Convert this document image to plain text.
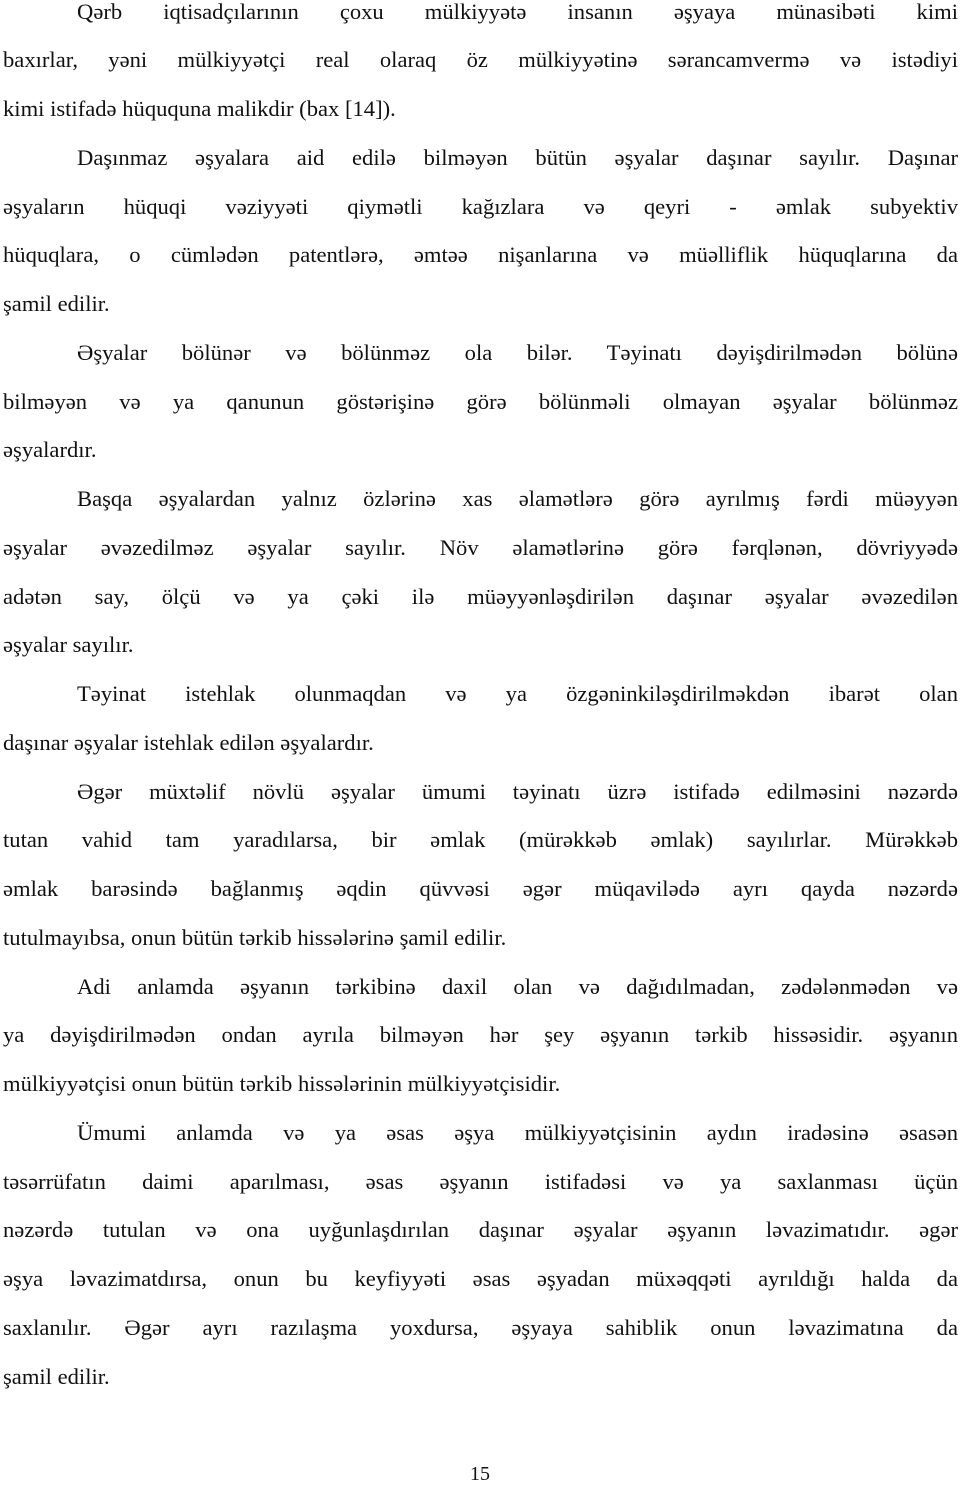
Qərb iqtisadçılarının çoxu mülkiyyətə insanın əşyaya münasibəti kimi
baxırlar, yəni mülkiyyətçi real olaraq öz mülkiyyətinə sərancamvermə və istədiyi
kimi istifadə hüququna malikdir (bax [14]).
Daşınmaz əşyalara aid edilə bilməyən bütün əşyalar daşınar sayılır. Daşınar
əşyaların hüquqi vəziyyəti qiymətli kağızlara və qeyri - əmlak subyektiv
hüquqlara, o cümlədən patentlərə, əmtəə nişanlarına və müəlliflik hüquqlarına da
şamil edilir.
Əşyalar bölünər və bölünməz ola bilər. Təyinatı dəyişdirilmədən bölünə
bilməyən və ya qanunun göstərişinə görə bölünməli olmayan əşyalar bölünməz
əşyalardır.
Başqa əşyalardan yalnız özlərinə xas əlamətlərə görə ayrılmış fərdi müəyyən
əşyalar əvəzedilməz əşyalar sayılır. Növ əlamətlərinə görə fərqlənən, dövriyyədə
adətən say, ölçü və ya çəki ilə müəyyənləşdirilən daşınar əşyalar əvəzedilən
əşyalar sayılır.
Təyinat istehlak olunmaqdan və ya özgəninkiləşdirilməkdən ibarət olan
daşınar əşyalar istehlak edilən əşyalardır.
Əgər müxtəlif növlü əşyalar ümumi təyinatı üzrə istifadə edilməsini nəzərdə
tutan vahid tam yaradılarsa, bir əmlak (mürəkkəb əmlak) sayılırlar. Mürəkkəb
əmlak barəsində bağlanmış əqdin qüvvəsi əgər müqavilədə ayrı qayda nəzərdə
tutulmayıbsa, onun bütün tərkib hissələrinə şamil edilir.
Adi anlamda əşyanın tərkibinə daxil olan və dağıdılmadan, zədələnmədən və
ya dəyişdirilmədən ondan ayrıla bilməyən hər şey əşyanın tərkib hissəsidir. əşyanın
mülkiyyətçisi onun bütün tərkib hissələrinin mülkiyyətçisidir.
Ümumi anlamda və ya əsas əşya mülkiyyətçisinin aydın iradəsinə əsasən
təsərrüfatın daimi aparılması, əsas əşyanın istifadəsi və ya saxlanması üçün
nəzərdə tutulan və ona uyğunlaşdırılan daşınar əşyalar əşyanın ləvazimatıdır. əgər
əşya ləvazimatdırsa, onun bu keyfiyyəti əsas əşyadan müxəqqəti ayrıldığı halda da
saxlanılır. Əgər ayrı razılaşma yoxdursa, əşyaya sahiblik onun ləvazimatına da
şamil edilir.
15
